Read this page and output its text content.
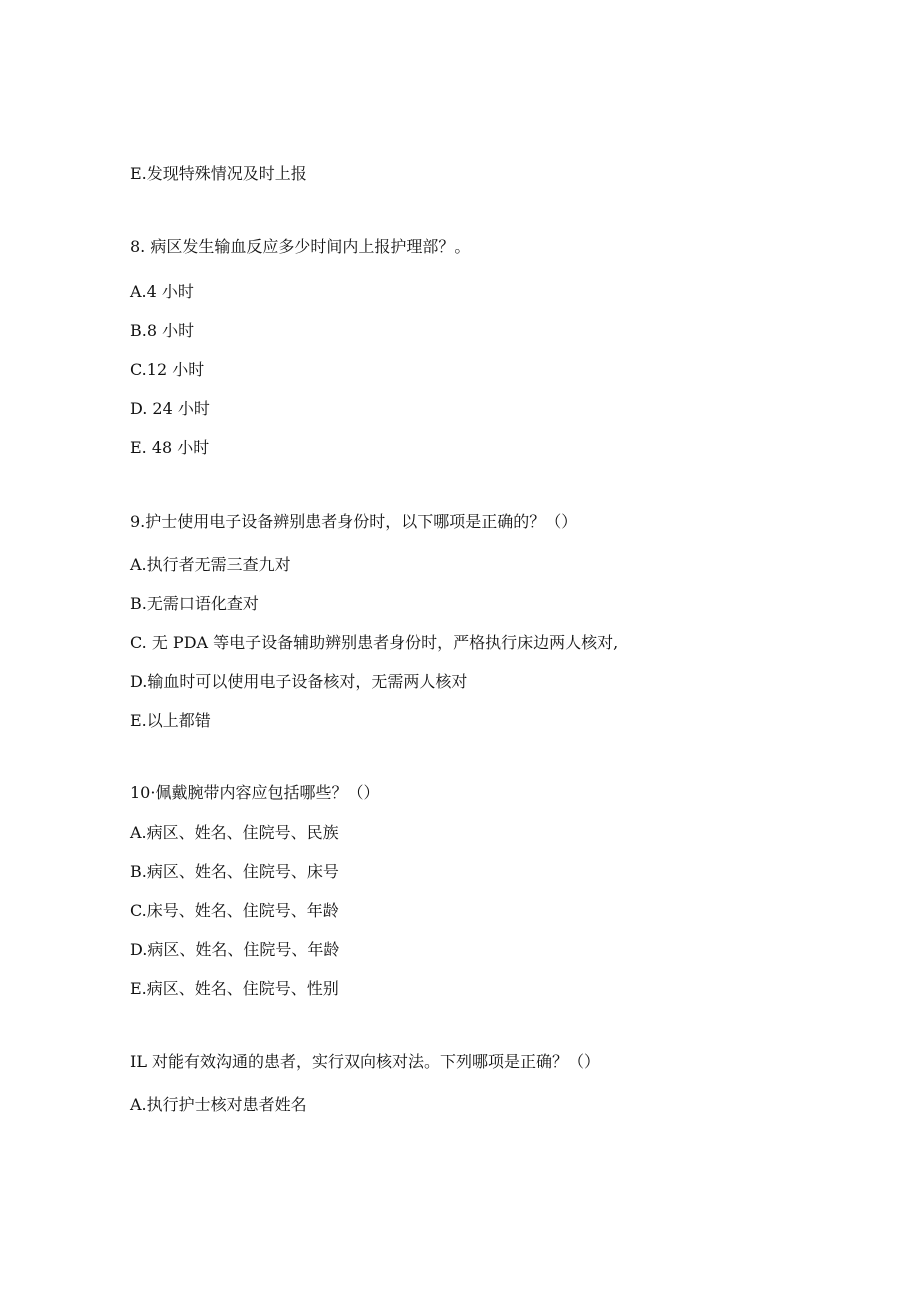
E.发现特殊情况及时上报
8. 病区发生输血反应多少时间内上报护理部？。
A.4 小时
B.8 小时
C.12 小时
D. 24 小时
E. 48 小时
9.护士使用电子设备辨别患者身份时，以下哪项是正确的？（）
A.执行者无需三查九对
B.无需口语化查对
C. 无 PDA 等电子设备辅助辨别患者身份时，严格执行床边两人核对,
D.输血时可以使用电子设备核对，无需两人核对
E.以上都错
10·佩戴腕带内容应包括哪些？（）
A.病区、姓名、住院号、民族
B.病区、姓名、住院号、床号
C.床号、姓名、住院号、年龄
D.病区、姓名、住院号、年龄
E.病区、姓名、住院号、性别
IL 对能有效沟通的患者，实行双向核对法。下列哪项是正确？（）
A.执行护士核对患者姓名
